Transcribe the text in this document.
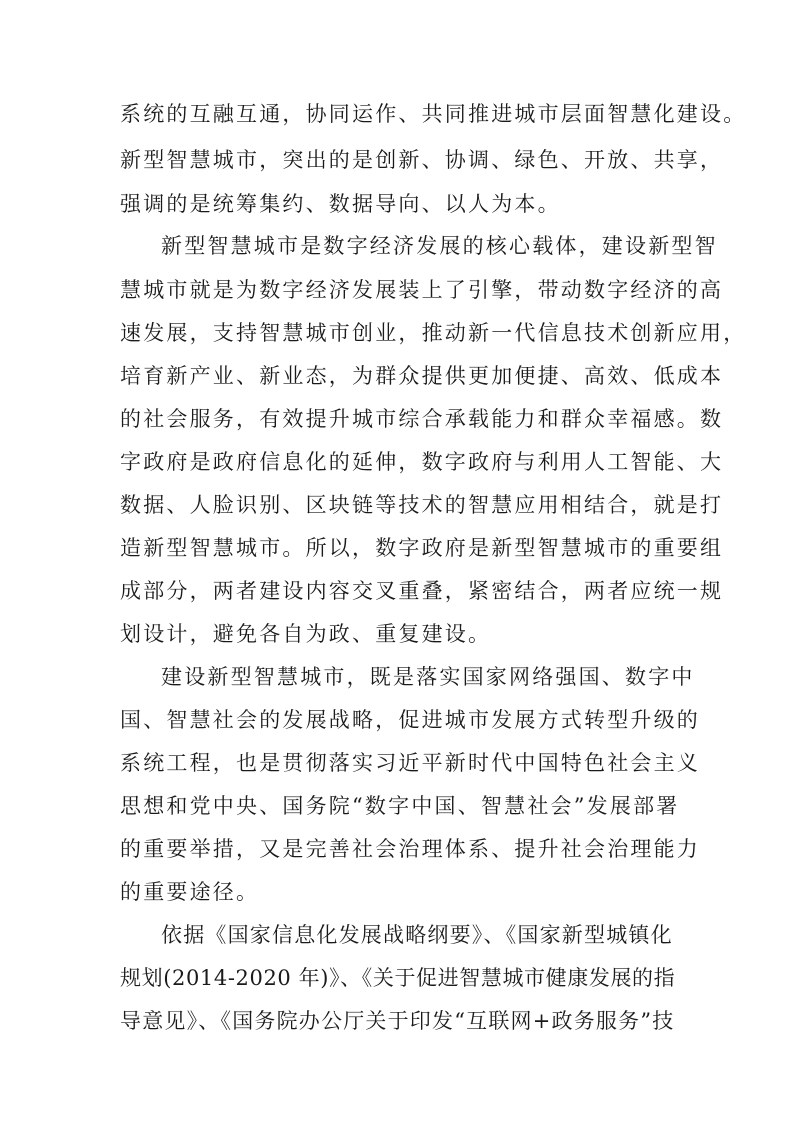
系统的互融互通，协同运作、共同推进城市层面智慧化建设。
新型智慧城市，突出的是创新、协调、绿色、开放、共享，
强调的是统筹集约、数据导向、以人为本。
新型智慧城市是数字经济发展的核心载体，建设新型智
慧城市就是为数字经济发展装上了引擎，带动数字经济的高
速发展，支持智慧城市创业，推动新一代信息技术创新应用，
培育新产业、新业态，为群众提供更加便捷、高效、低成本
的社会服务，有效提升城市综合承载能力和群众幸福感。数
字政府是政府信息化的延伸，数字政府与利用人工智能、大
数据、人脸识别、区块链等技术的智慧应用相结合，就是打
造新型智慧城市。所以，数字政府是新型智慧城市的重要组
成部分，两者建设内容交叉重叠，紧密结合，两者应统一规
划设计，避免各自为政、重复建设。
建设新型智慧城市，既是落实国家网络强国、数字中
国、智慧社会的发展战略，促进城市发展方式转型升级的
系统工程，也是贯彻落实习近平新时代中国特色社会主义
思想和党中央、国务院“数字中国、智慧社会”发展部署
的重要举措，又是完善社会治理体系、提升社会治理能力
的重要途径。
依据《国家信息化发展战略纲要》、《国家新型城镇化
规划(2014-2020 年)》、《关于促进智慧城市健康发展的指
导意见》、《国务院办公厅关于印发“互联网+政务服务”技
